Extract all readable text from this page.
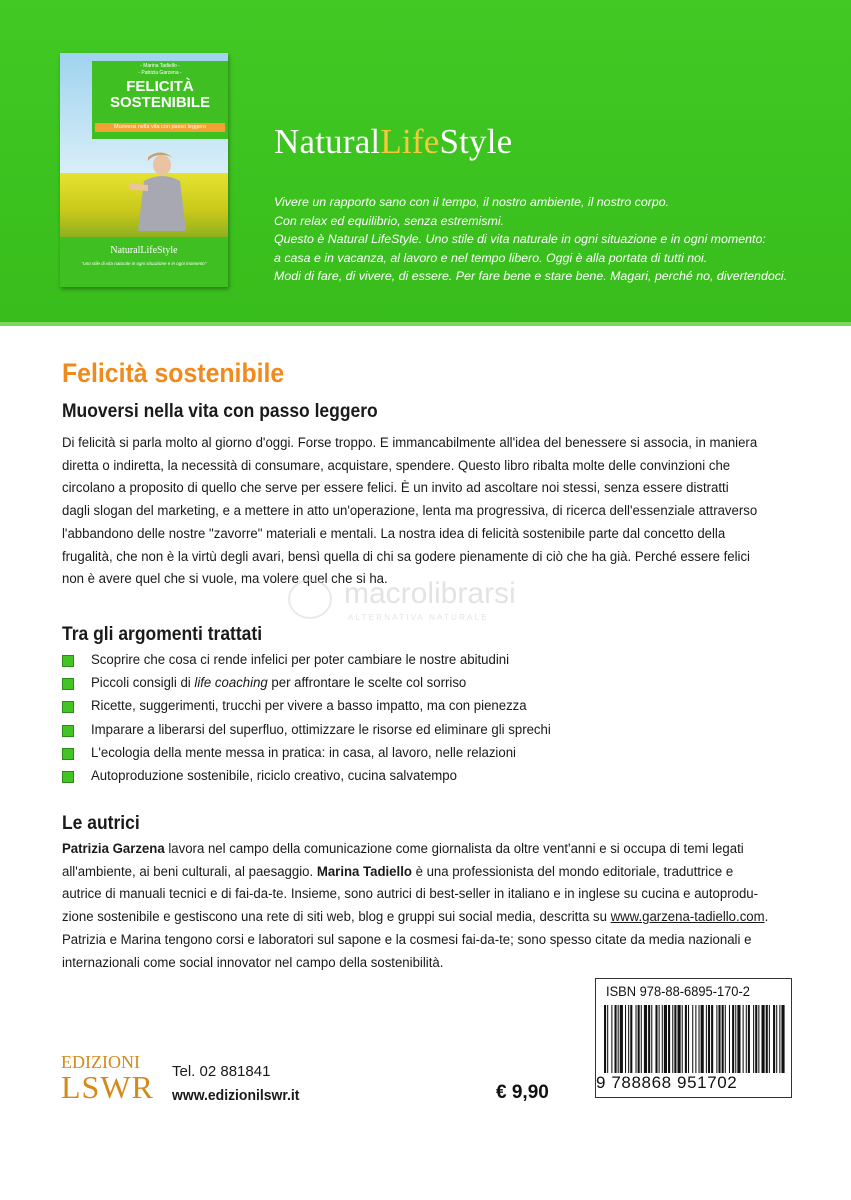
- Marina Tadiello -
- Patrizia Garzena -
FELICITÀ
SOSTENIBILE
Muoversi nella vita con passo leggero
NaturalLifeStyle
"uno stile di vita naturale in ogni situazione e in ogni momento"
NaturalLifeStyle
Vivere un rapporto sano con il tempo, il nostro ambiente, il nostro corpo.
Con relax ed equilibrio, senza estremismi.
Questo è Natural LifeStyle. Uno stile di vita naturale in ogni situazione e in ogni momento:
a casa e in vacanza, al lavoro e nel tempo libero. Oggi è alla portata di tutti noi.
Modi di fare, di vivere, di essere. Per fare bene e stare bene. Magari, perché no, divertendoci.
Felicità sostenibile
Muoversi nella vita con passo leggero
Di felicità si parla molto al giorno d'oggi. Forse troppo. E immancabilmente all'idea del benessere si associa, in maniera
diretta o indiretta, la necessità di consumare, acquistare, spendere. Questo libro ribalta molte delle convinzioni che
circolano a proposito di quello che serve per essere felici. È un invito ad ascoltare noi stessi, senza essere distratti
dagli slogan del marketing, e a mettere in atto un'operazione, lenta ma progressiva, di ricerca dell'essenziale attraverso
l'abbandono delle nostre "zavorre" materiali e mentali. La nostra idea di felicità sostenibile parte dal concetto della
frugalità, che non è la virtù degli avari, bensì quella di chi sa godere pienamente di ciò che ha già. Perché essere felici
non è avere quel che si vuole, ma volere quel che si ha.
macrolibrarsi
ALTERNATIVA NATURALE
Tra gli argomenti trattati
Scoprire che cosa ci rende infelici per poter cambiare le nostre abitudini
Piccoli consigli di life coaching per affrontare le scelte col sorriso
Ricette, suggerimenti, trucchi per vivere a basso impatto, ma con pienezza
Imparare a liberarsi del superfluo, ottimizzare le risorse ed eliminare gli sprechi
L'ecologia della mente messa in pratica: in casa, al lavoro, nelle relazioni
Autoproduzione sostenibile, riciclo creativo, cucina salvatempo
Le autrici
Patrizia Garzena lavora nel campo della comunicazione come giornalista da oltre vent'anni e si occupa di temi legati
all'ambiente, ai beni culturali, al paesaggio. Marina Tadiello è una professionista del mondo editoriale, traduttrice e
autrice di manuali tecnici e di fai-da-te. Insieme, sono autrici di best-seller in italiano e in inglese su cucina e autoprodu-
zione sostenibile e gestiscono una rete di siti web, blog e gruppi sui social media, descritta su www.garzena-tadiello.com.
Patrizia e Marina tengono corsi e laboratori sul sapone e la cosmesi fai-da-te; sono spesso citate da media nazionali e
internazionali come social innovator nel campo della sostenibilità.
ISBN 978-88-6895-170-2
9 788868 951702
EDIZIONI
LSWR Tel. 02 881841
www.edizionilswr.it	€ 9,90
